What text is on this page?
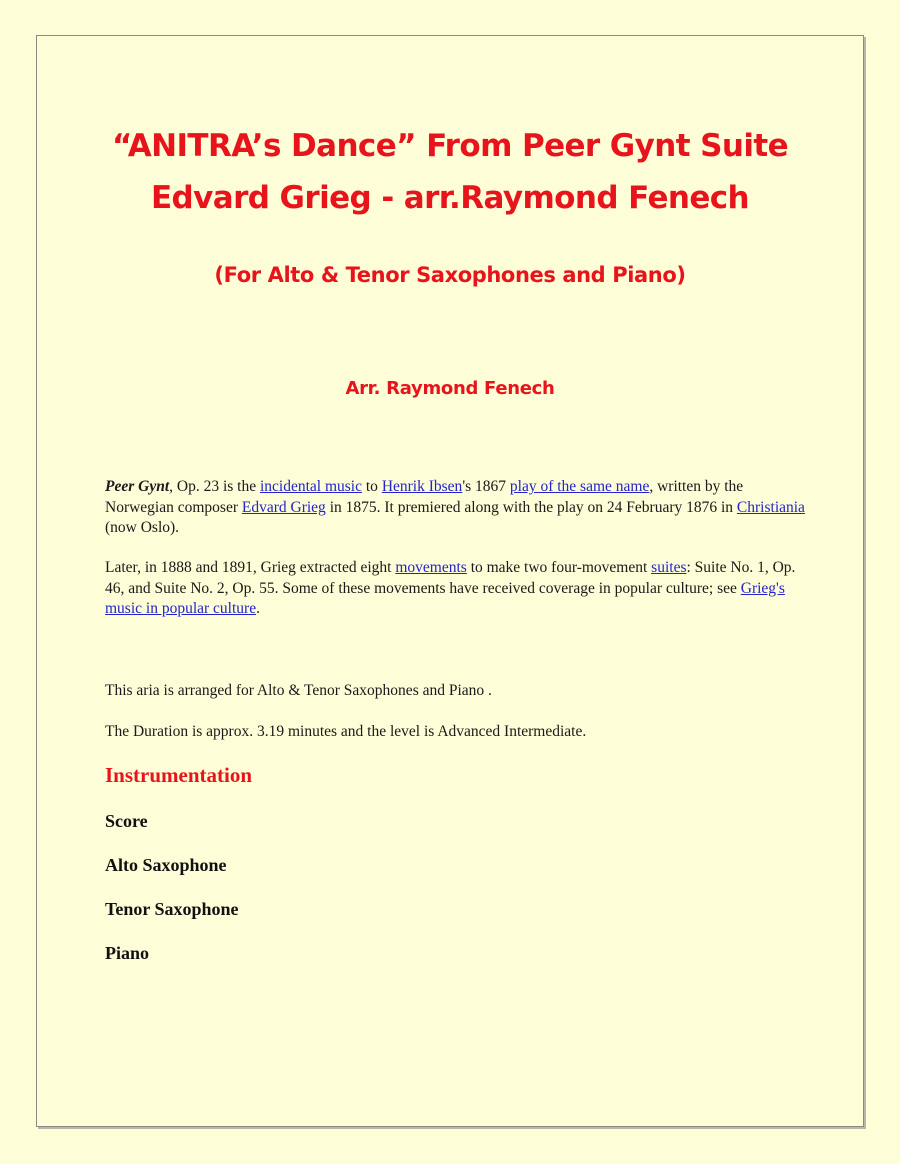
“ANITRA’s Dance” From Peer Gynt Suite
Edvard Grieg - arr.Raymond Fenech
(For Alto & Tenor Saxophones and Piano)
Arr. Raymond Fenech

Peer Gynt, Op. 23 is the incidental music to Henrik Ibsen's 1867 play of the same name, written by the Norwegian composer Edvard Grieg in 1875. It premiered along with the play on 24 February 1876 in Christiania (now Oslo).

Later, in 1888 and 1891, Grieg extracted eight movements to make two four-movement suites: Suite No. 1, Op. 46, and Suite No. 2, Op. 55. Some of these movements have received coverage in popular culture; see Grieg's music in popular culture.

This aria is arranged for Alto & Tenor Saxophones and Piano .

The Duration is approx. 3.19 minutes and the level is Advanced Intermediate.

Instrumentation

Score

Alto Saxophone

Tenor Saxophone

Piano
